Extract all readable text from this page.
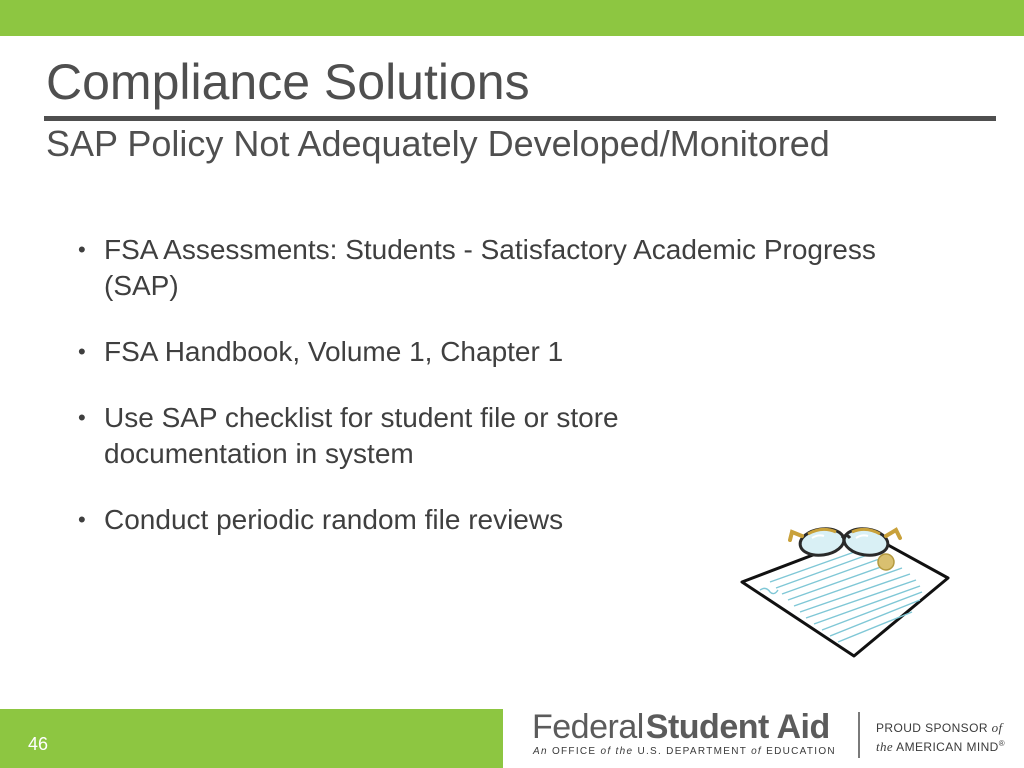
Compliance Solutions
SAP Policy Not Adequately Developed/Monitored
• FSA Assessments: Students - Satisfactory Academic Progress (SAP)
• FSA Handbook, Volume 1, Chapter 1
• Use SAP checklist for student file or store documentation in system
• Conduct periodic random file reviews
46	FederalStudent Aid
An OFFICE of the U.S. DEPARTMENT of EDUCATION
PROUD SPONSOR of
the AMERICAN MIND®
